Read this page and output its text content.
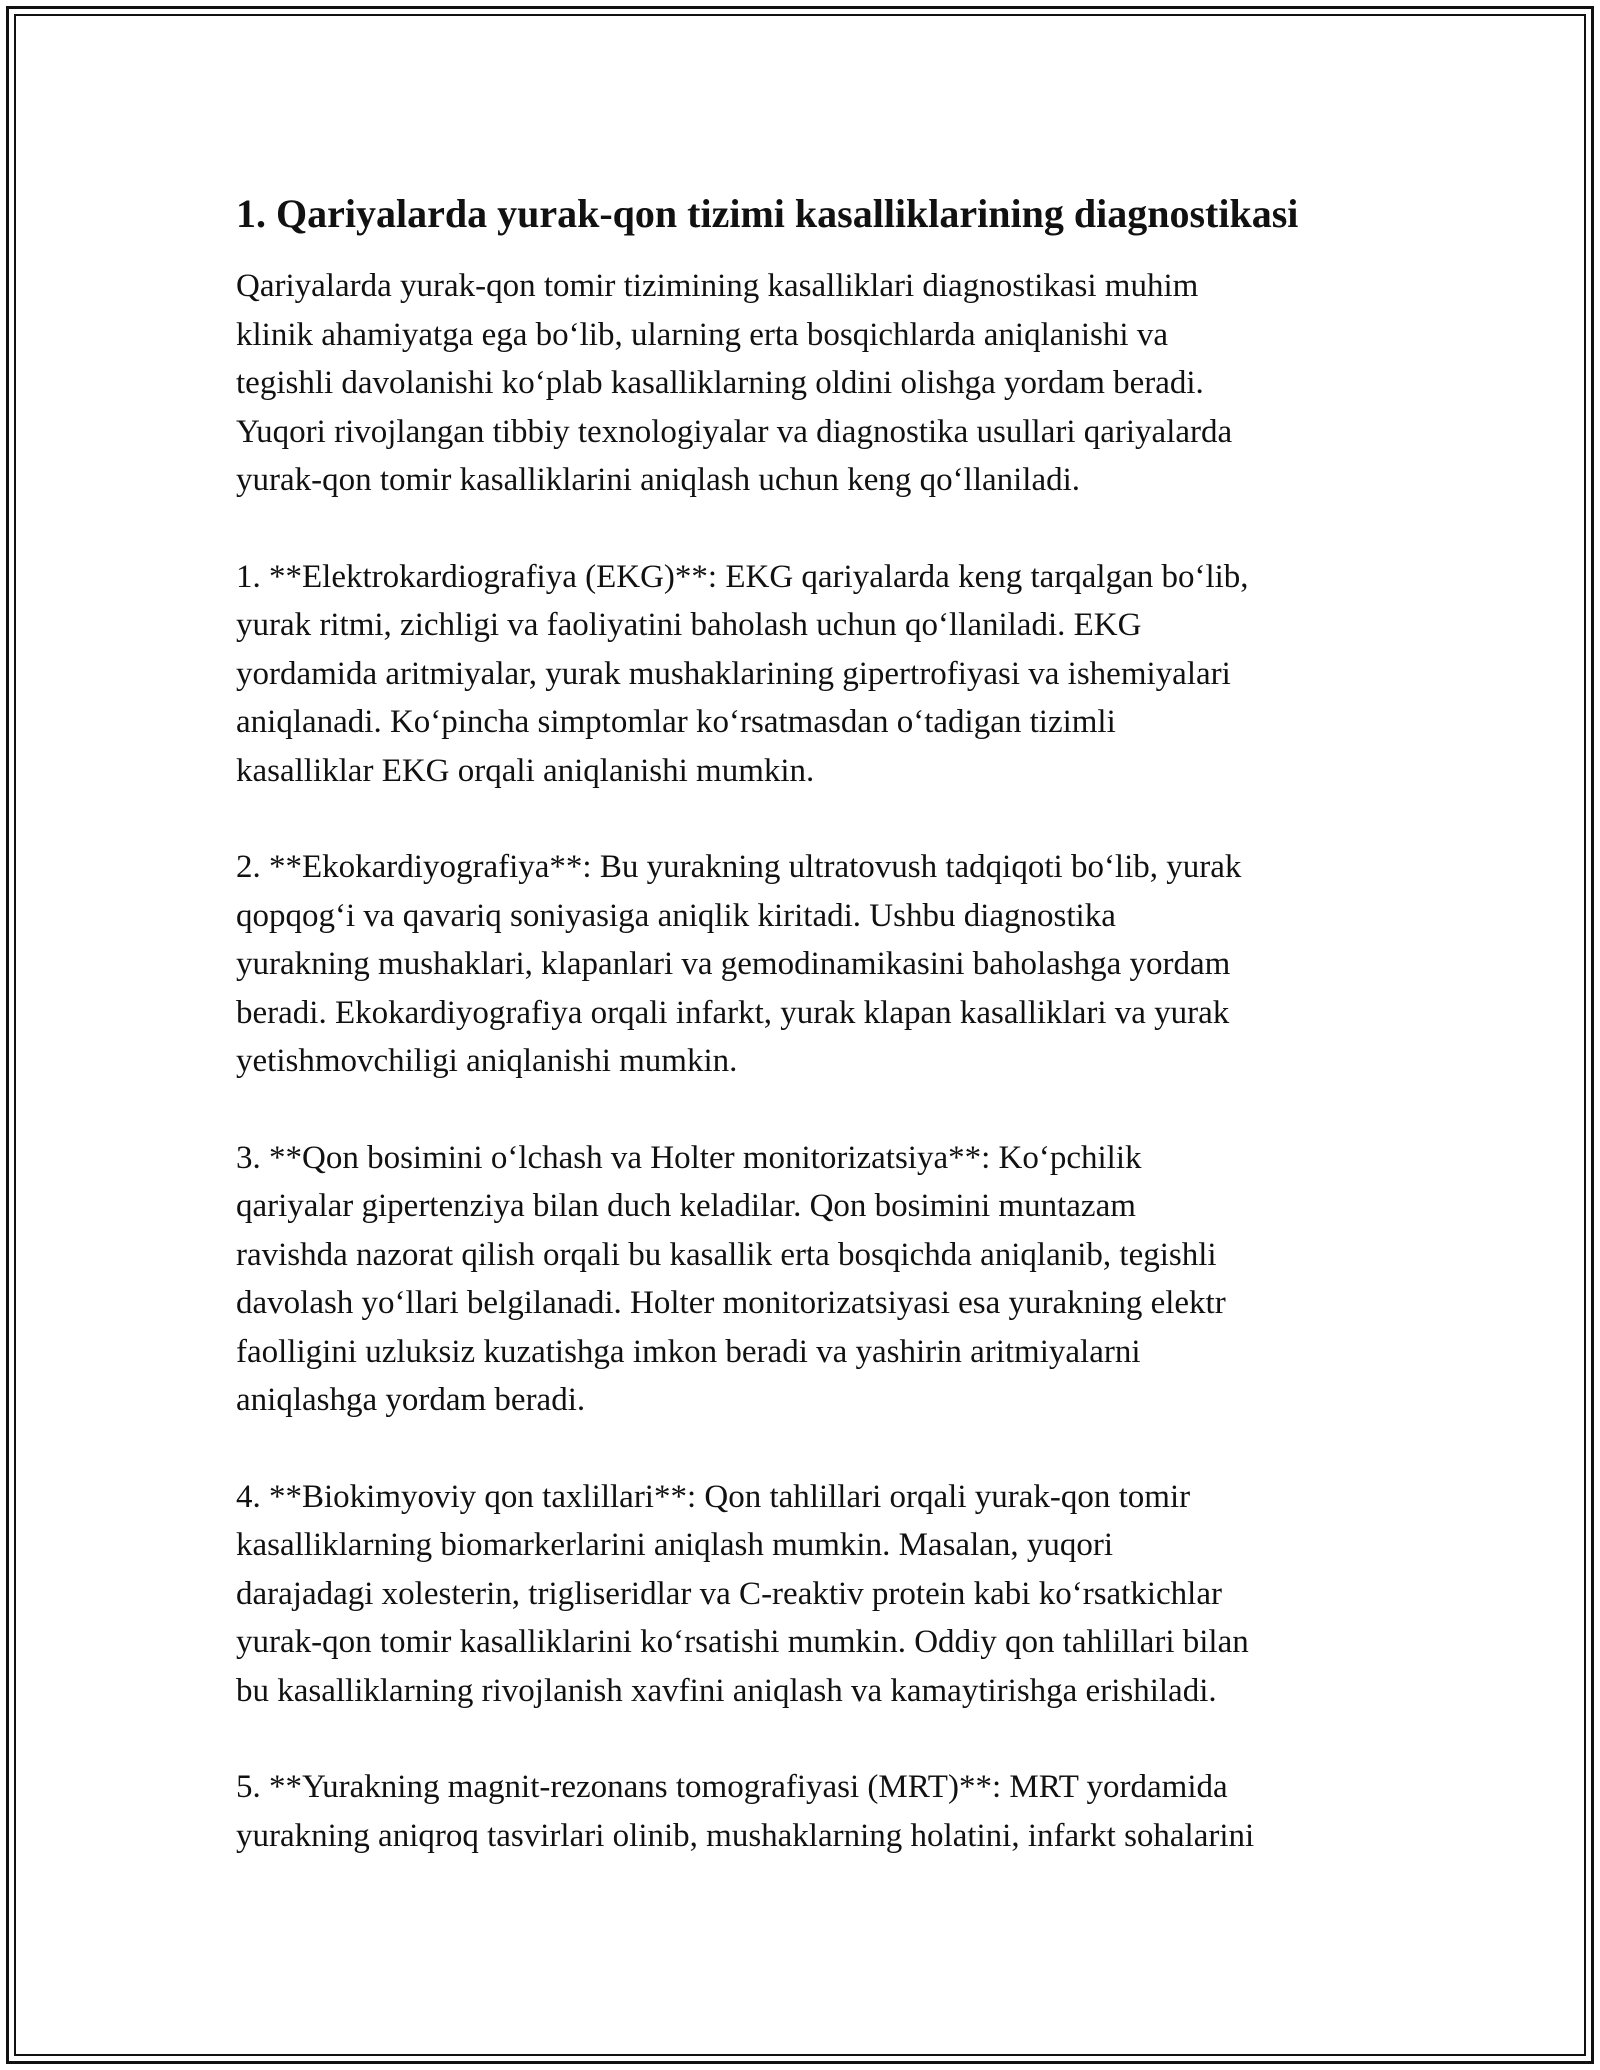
1. Qariyalarda yurak-qon tizimi kasalliklarining diagnostikasi

Qariyalarda yurak-qon tomir tizimining kasalliklari diagnostikasi muhim
klinik ahamiyatga ega bo‘lib, ularning erta bosqichlarda aniqlanishi va
tegishli davolanishi ko‘plab kasalliklarning oldini olishga yordam beradi.
Yuqori rivojlangan tibbiy texnologiyalar va diagnostika usullari qariyalarda
yurak-qon tomir kasalliklarini aniqlash uchun keng qo‘llaniladi.

1. **Elektrokardiografiya (EKG)**: EKG qariyalarda keng tarqalgan bo‘lib,
yurak ritmi, zichligi va faoliyatini baholash uchun qo‘llaniladi. EKG
yordamida aritmiyalar, yurak mushaklarining gipertrofiyasi va ishemiyalari
aniqlanadi. Ko‘pincha simptomlar ko‘rsatmasdan o‘tadigan tizimli
kasalliklar EKG orqali aniqlanishi mumkin.

2. **Ekokardiyografiya**: Bu yurakning ultratovush tadqiqoti bo‘lib, yurak
qopqog‘i va qavariq soniyasiga aniqlik kiritadi. Ushbu diagnostika
yurakning mushaklari, klapanlari va gemodinamikasini baholashga yordam
beradi. Ekokardiyografiya orqali infarkt, yurak klapan kasalliklari va yurak
yetishmovchiligi aniqlanishi mumkin.

3. **Qon bosimini o‘lchash va Holter monitorizatsiya**: Ko‘pchilik
qariyalar gipertenziya bilan duch keladilar. Qon bosimini muntazam
ravishda nazorat qilish orqali bu kasallik erta bosqichda aniqlanib, tegishli
davolash yo‘llari belgilanadi. Holter monitorizatsiyasi esa yurakning elektr
faolligini uzluksiz kuzatishga imkon beradi va yashirin aritmiyalarni
aniqlashga yordam beradi.

4. **Biokimyoviy qon taxlillari**: Qon tahlillari orqali yurak-qon tomir
kasalliklarning biomarkerlarini aniqlash mumkin. Masalan, yuqori
darajadagi xolesterin, trigliseridlar va C-reaktiv protein kabi ko‘rsatkichlar
yurak-qon tomir kasalliklarini ko‘rsatishi mumkin. Oddiy qon tahlillari bilan
bu kasalliklarning rivojlanish xavfini aniqlash va kamaytirishga erishiladi.

5. **Yurakning magnit-rezonans tomografiyasi (MRT)**: MRT yordamida
yurakning aniqroq tasvirlari olinib, mushaklarning holatini, infarkt sohalarini
